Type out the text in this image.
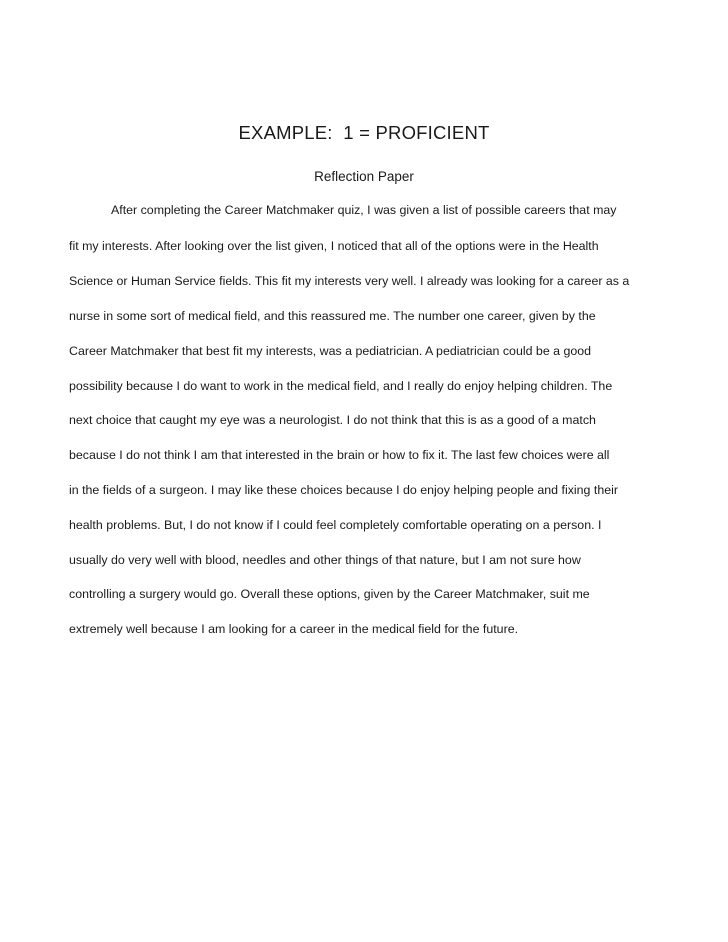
EXAMPLE:  1 = PROFICIENT
Reflection Paper
After completing the Career Matchmaker quiz, I was given a list of possible careers that may
fit my interests. After looking over the list given, I noticed that all of the options were in the Health
Science or Human Service fields. This fit my interests very well. I already was looking for a career as a
nurse in some sort of medical field, and this reassured me. The number one career, given by the
Career Matchmaker that best fit my interests, was a pediatrician. A pediatrician could be a good
possibility because I do want to work in the medical field, and I really do enjoy helping children. The
next choice that caught my eye was a neurologist. I do not think that this is as a good of a match
because I do not think I am that interested in the brain or how to fix it. The last few choices were all
in the fields of a surgeon. I may like these choices because I do enjoy helping people and fixing their
health problems. But, I do not know if I could feel completely comfortable operating on a person. I
usually do very well with blood, needles and other things of that nature, but I am not sure how
controlling a surgery would go. Overall these options, given by the Career Matchmaker, suit me
extremely well because I am looking for a career in the medical field for the future.
